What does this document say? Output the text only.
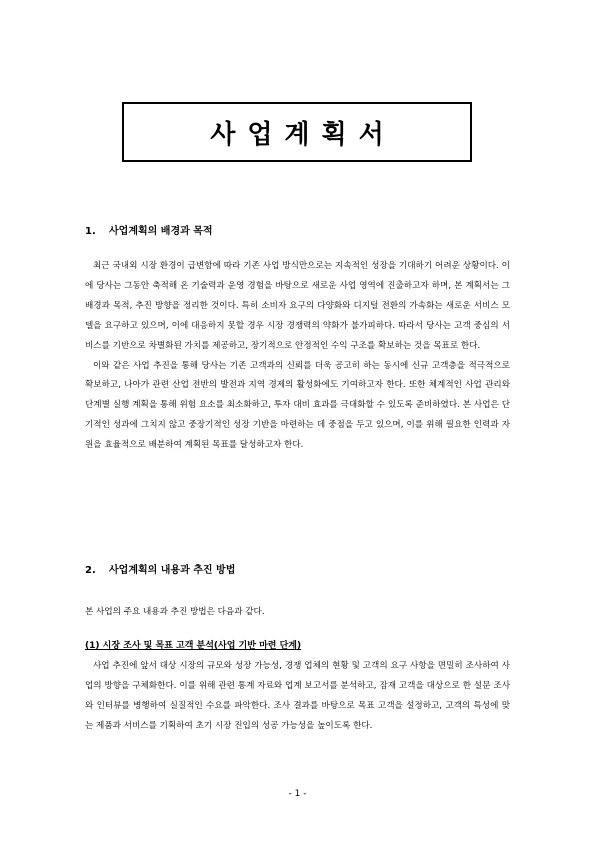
사업계획서
1. 사업계획의 배경과 목적

최근 국내외 시장 환경이 급변함에 따라 기존 사업 방식만으로는 지속적인 성장을 기대하기 어려운 상황이다. 이에 당사는 그동안 축적해 온 기술력과 운영 경험을 바탕으로 새로운 사업 영역에 진출하고자 하며, 본 계획서는 그 배경과 목적, 추진 방향을 정리한 것이다. 특히 소비자 요구의 다양화와 디지털 전환의 가속화는 새로운 서비스 모델을 요구하고 있으며, 이에 대응하지 못할 경우 시장 경쟁력의 약화가 불가피하다. 따라서 당사는 고객 중심의 서비스를 기반으로 차별화된 가치를 제공하고, 장기적으로 안정적인 수익 구조를 확보하는 것을 목표로 한다.

이와 같은 사업 추진을 통해 당사는 기존 고객과의 신뢰를 더욱 공고히 하는 동시에 신규 고객층을 적극적으로 확보하고, 나아가 관련 산업 전반의 발전과 지역 경제의 활성화에도 기여하고자 한다. 또한 체계적인 사업 관리와 단계별 실행 계획을 통해 위험 요소를 최소화하고, 투자 대비 효과를 극대화할 수 있도록 준비하였다. 본 사업은 단기적인 성과에 그치지 않고 중장기적인 성장 기반을 마련하는 데 중점을 두고 있으며, 이를 위해 필요한 인력과 자원을 효율적으로 배분하여 계획된 목표를 달성하고자 한다.

2. 사업계획의 내용과 추진 방법
본 사업의 주요 내용과 추진 방법은 다음과 같다.
(1) 시장 조사 및 목표 고객 분석(사업 기반 마련 단계)

사업 추진에 앞서 대상 시장의 규모와 성장 가능성, 경쟁 업체의 현황 및 고객의 요구 사항을 면밀히 조사하여 사업의 방향을 구체화한다. 이를 위해 관련 통계 자료와 업계 보고서를 분석하고, 잠재 고객을 대상으로 한 설문 조사와 인터뷰를 병행하여 실질적인 수요를 파악한다. 조사 결과를 바탕으로 목표 고객을 설정하고, 고객의 특성에 맞는 제품과 서비스를 기획하여 초기 시장 진입의 성공 가능성을 높이도록 한다.

- 1 -
